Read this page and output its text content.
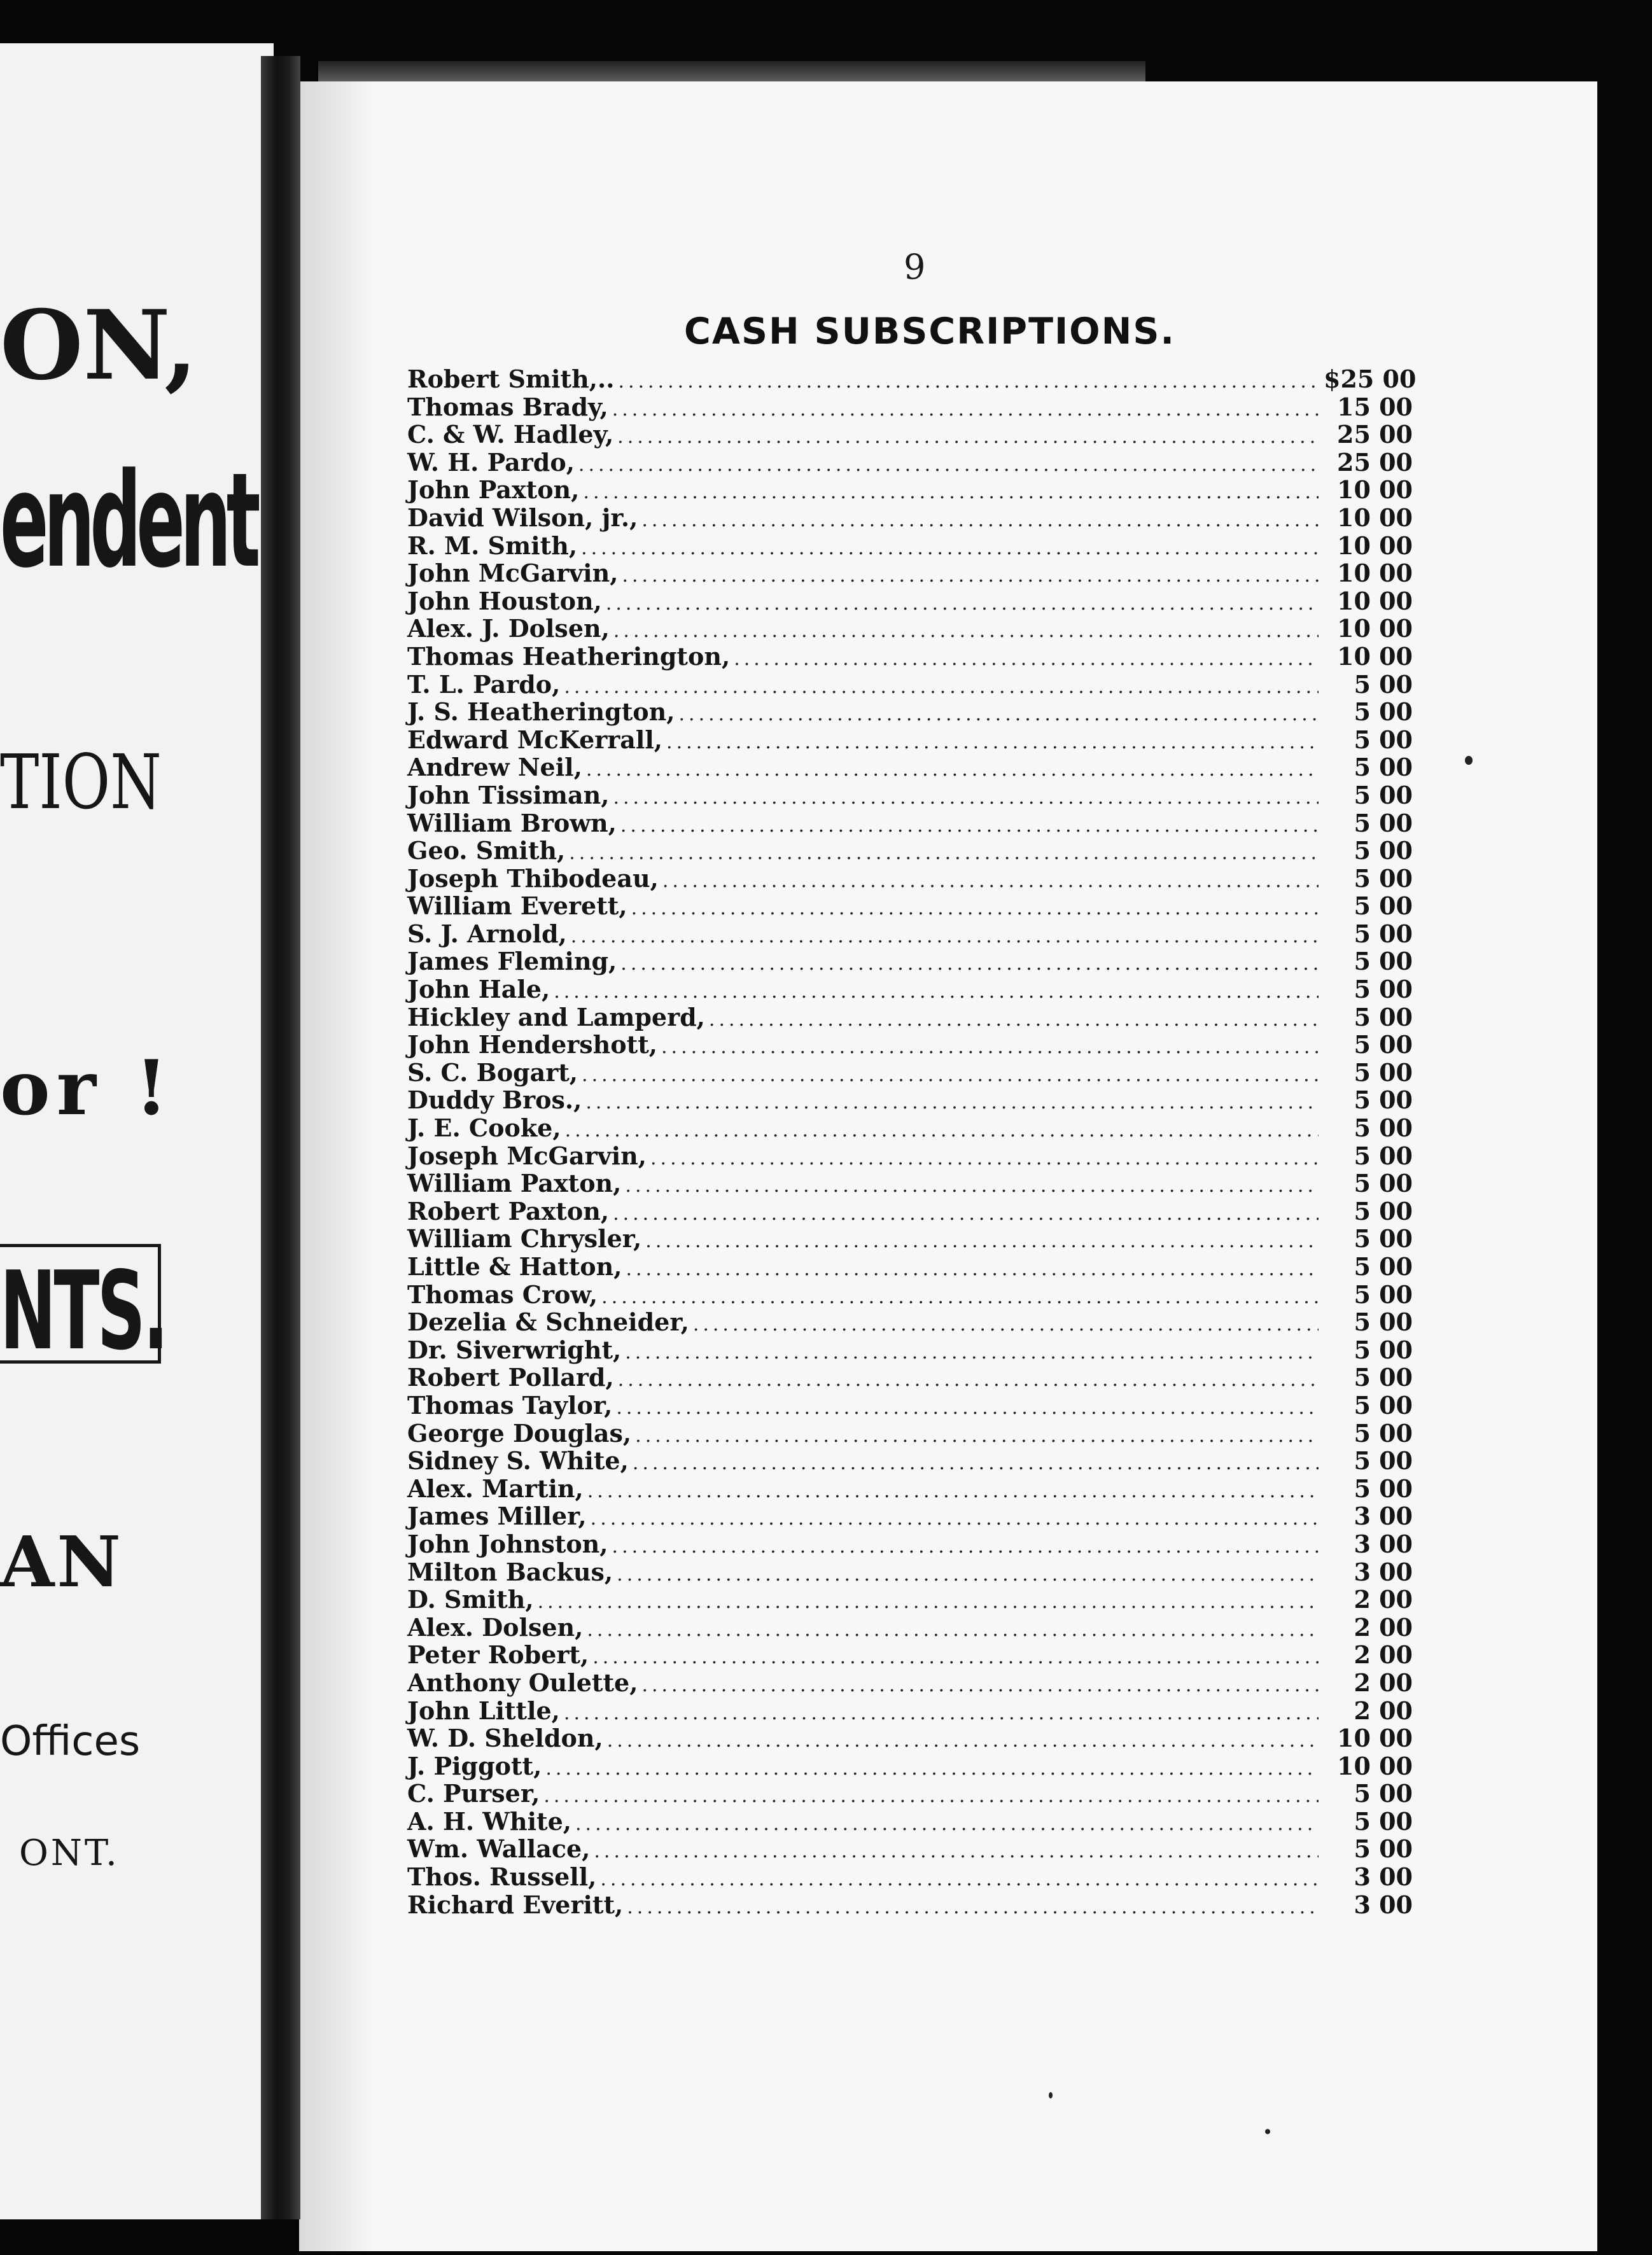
ON,
endent
TION
or !
NTS.
AN
Offices
ONT.
9
CASH SUBSCRIPTIONS.
Robert Smith,.. .....	$25 00
Thomas Brady, .....	15 00
C. & W. Hadley, .....	25 00
W. H. Pardo, .....	25 00
John Paxton, .....	10 00
David Wilson, jr., .....	10 00
R. M. Smith, .....	10 00
John McGarvin, .....	10 00
John Houston, .....	10 00
Alex. J. Dolsen, .....	10 00
Thomas Heatherington, .....	10 00
T. L. Pardo, .....	5 00
J. S. Heatherington, .....	5 00
Edward McKerrall, .....	5 00
Andrew Neil, .....	5 00
John Tissiman, .....	5 00
William Brown, .....	5 00
Geo. Smith, .....	5 00
Joseph Thibodeau, .....	5 00
William Everett, .....	5 00
S. J. Arnold, .....	5 00
James Fleming, .....	5 00
John Hale, .....	5 00
Hickley and Lamperd, .....	5 00
John Hendershott, .....	5 00
S. C. Bogart, .....	5 00
Duddy Bros., .....	5 00
J. E. Cooke, .....	5 00
Joseph McGarvin, .....	5 00
William Paxton, .....	5 00
Robert Paxton, .....	5 00
William Chrysler, .....	5 00
Little & Hatton, .....	5 00
Thomas Crow, .....	5 00
Dezelia & Schneider, .....	5 00
Dr. Siverwright, .....	5 00
Robert Pollard, .....	5 00
Thomas Taylor, .....	5 00
George Douglas, .....	5 00
Sidney S. White, .....	5 00
Alex. Martin, .....	5 00
James Miller, .....	3 00
John Johnston, .....	3 00
Milton Backus, .....	3 00
D. Smith, .....	2 00
Alex. Dolsen, .....	2 00
Peter Robert, .....	2 00
Anthony Oulette, .....	2 00
John Little, .....	2 00
W. D. Sheldon, .....	10 00
J. Piggott, .....	10 00
C. Purser, .....	5 00
A. H. White, .....	5 00
Wm. Wallace, .....	5 00
Thos. Russell, .....	3 00
Richard Everitt, .....	3 00
